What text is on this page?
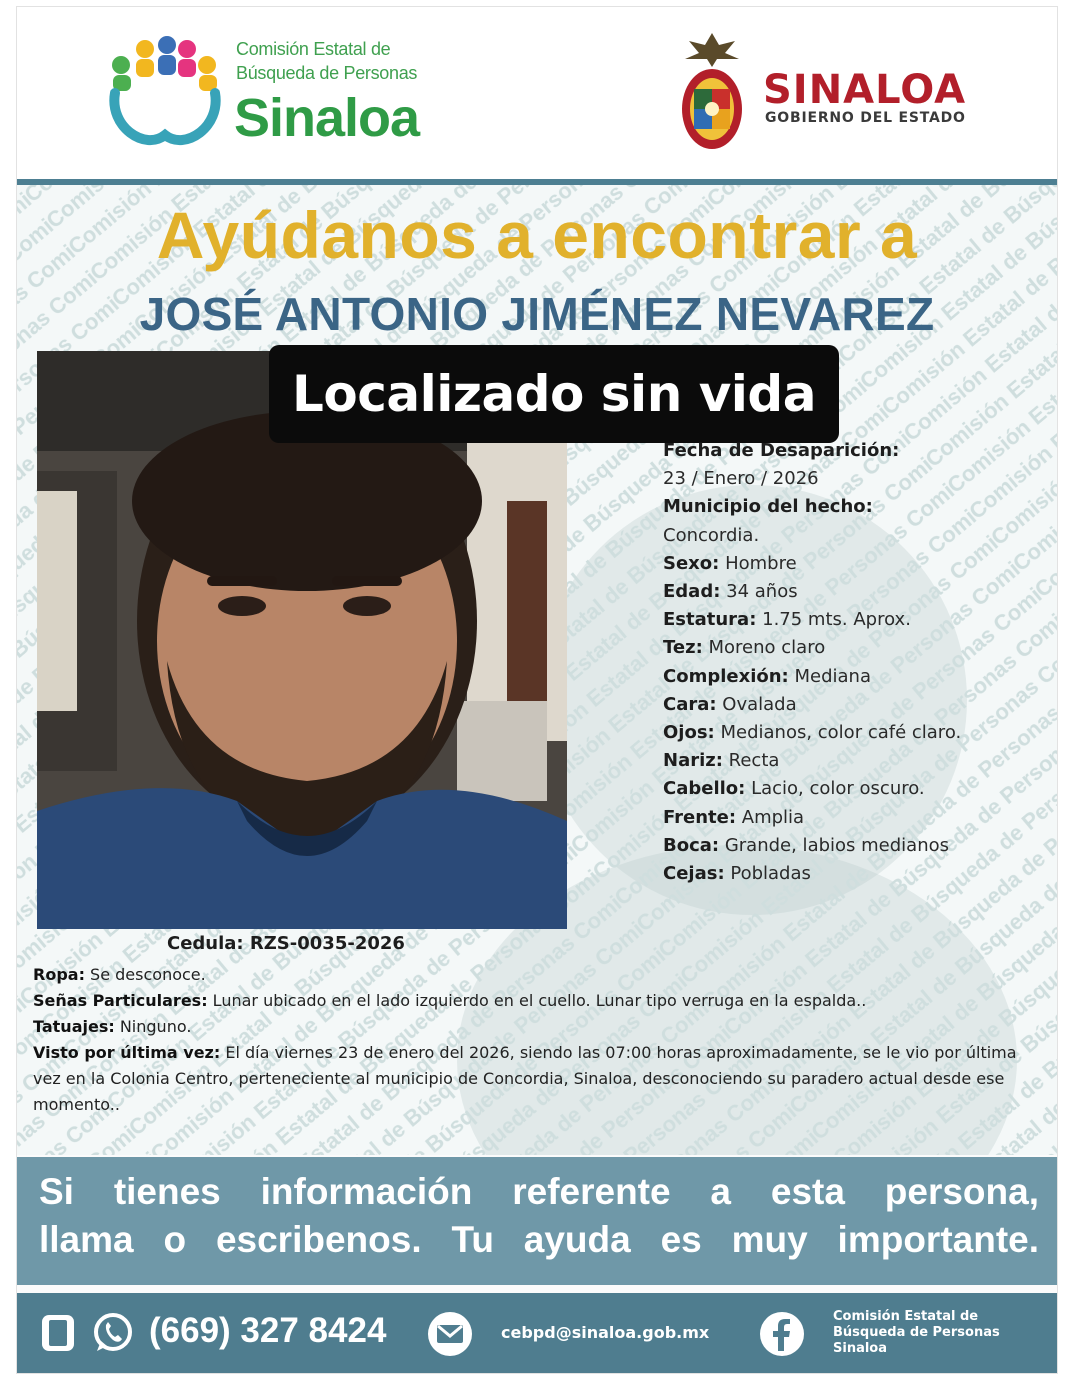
Comisión Estatal de
Búsqueda de Personas
Sinaloa	SINALOA
GOBIERNO DEL ESTADO
Ayúdanos a encontrar a
JOSÉ ANTONIO JIMÉNEZ NEVAREZ
Localizado sin vida
Fecha de Desaparición:
23 / Enero / 2026
Municipio del hecho:
Concordia.
Sexo: Hombre
Edad: 34 años
Estatura: 1.75 mts. Aprox.
Tez: Moreno claro
Complexión: Mediana
Cara: Ovalada
Ojos: Medianos, color café claro.
Nariz: Recta
Cabello: Lacio, color oscuro.
Frente: Amplia
Boca: Grande, labios medianos
Cejas: Pobladas
Cedula: RZS-0035-2026
Ropa: Se desconoce.
Señas Particulares: Lunar ubicado en el lado izquierdo en el cuello. Lunar tipo verruga en la espalda..
Tatuajes: Ninguno.
Visto por última vez: El día viernes 23 de enero del 2026, siendo las 07:00 horas aproximadamente, se le vio por última vez en la Colonia Centro, perteneciente al municipio de Concordia, Sinaloa, desconociendo su paradero actual desde ese momento..
Si tienes información referente a esta persona,
llama o escribenos. Tu ayuda es muy importante.
(669) 327 8424	cebpd@sinaloa.gob.mx
Comisión Estatal de
Búsqueda de Personas
Sinaloa
